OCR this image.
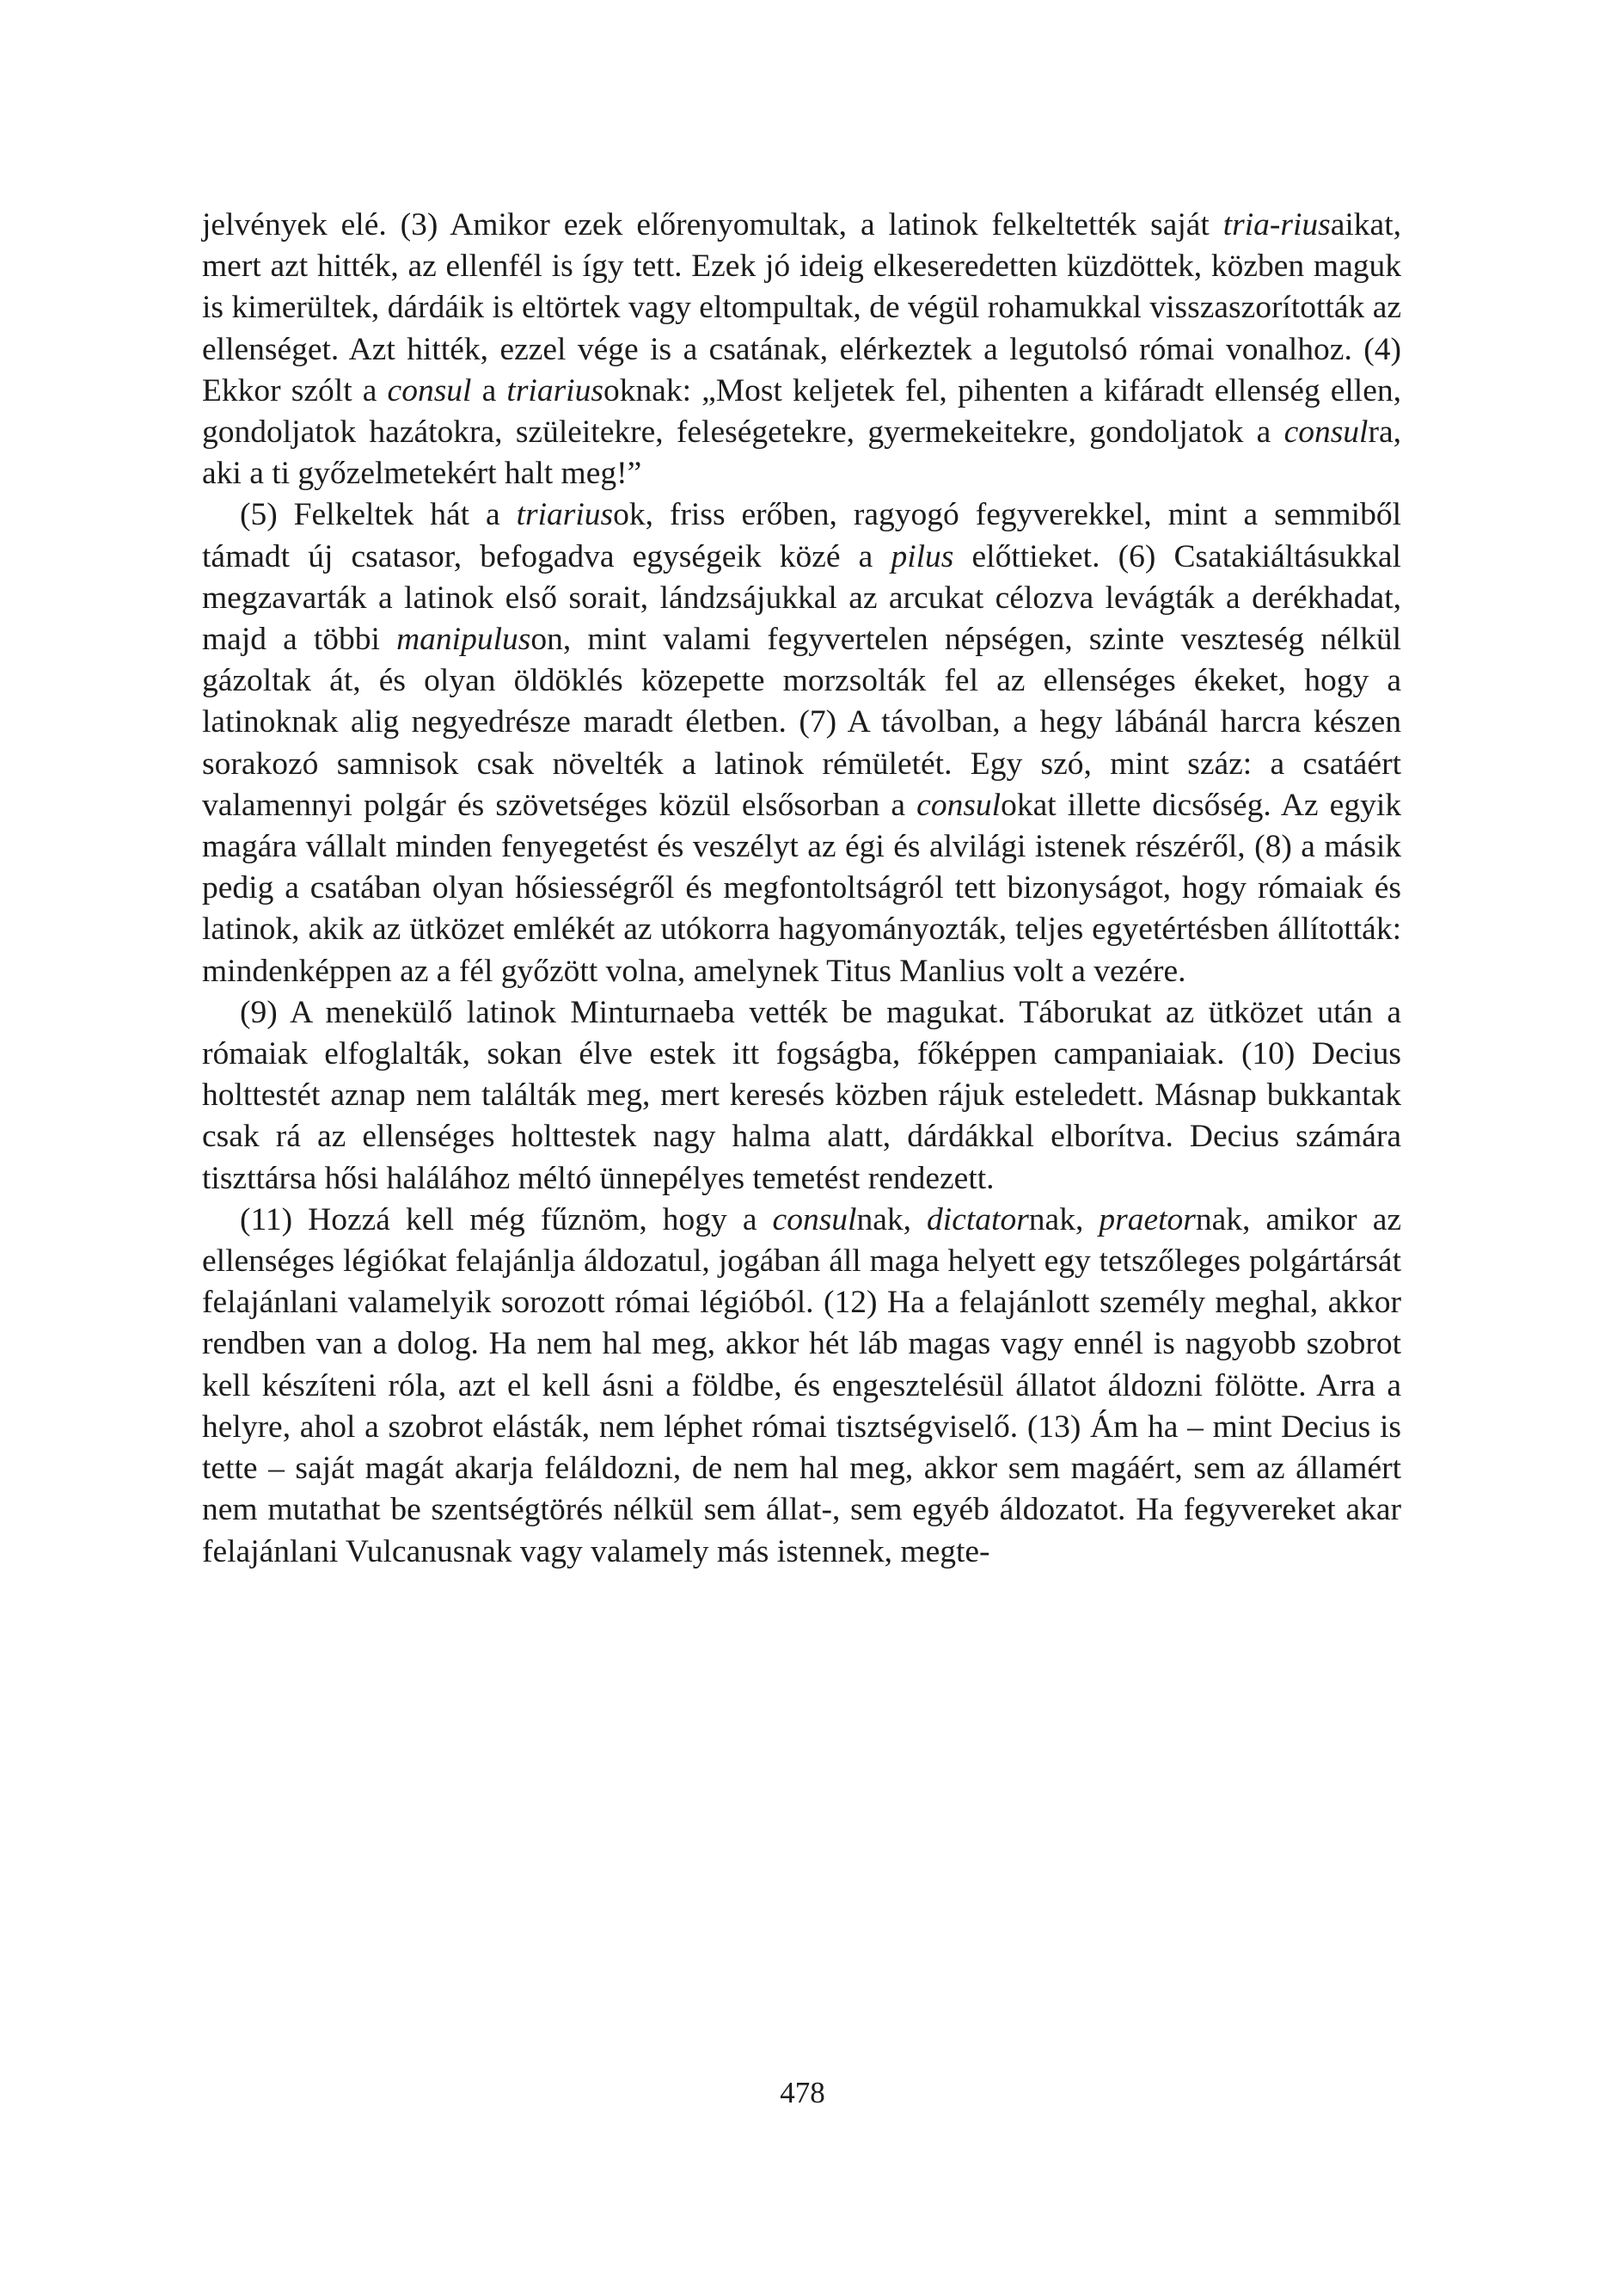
jelvények elé. (3) Amikor ezek előrenyomultak, a latinok felkeltették saját tria-riusaikat, mert azt hitték, az ellenfél is így tett. Ezek jó ideig elkeseredetten küzdöttek, közben maguk is kimerültek, dárdáik is eltörtek vagy eltompultak, de végül rohamukkal visszaszorították az ellenséget. Azt hitték, ezzel vége is a csatának, elérkeztek a legutolsó római vonalhoz. (4) Ekkor szólt a consul a triariusoknak: „Most keljetek fel, pihenten a kifáradt ellenség ellen, gondoljatok hazátokra, szüleitekre, feleségetekre, gyermekeitekre, gondoljatok a consulra, aki a ti győzelmetekért halt meg!”

(5) Felkeltek hát a triariusok, friss erőben, ragyogó fegyverekkel, mint a semmiből támadt új csatasor, befogadva egységeik közé a pilus előttieket. (6) Csatakiáltásukkal megzavarták a latinok első sorait, lándzsájukkal az arcukat célozva levágták a derékhadat, majd a többi manipuluson, mint valami fegyvertelen népségen, szinte veszteség nélkül gázoltak át, és olyan öldöklés közepette morzsolták fel az ellenséges ékeket, hogy a latinoknak alig negyedrésze maradt életben. (7) A távolban, a hegy lábánál harcra készen sorakozó samnisok csak növelték a latinok rémületét. Egy szó, mint száz: a csatáért valamennyi polgár és szövetséges közül elsősorban a consulokat illette dicsőség. Az egyik magára vállalt minden fenyegetést és veszélyt az égi és alvilági istenek részéről, (8) a másik pedig a csatában olyan hősiességről és megfontoltságról tett bizonyságot, hogy rómaiak és latinok, akik az ütközet emlékét az utókorra hagyományozták, teljes egyetértésben állították: mindenképpen az a fél győzött volna, amelynek Titus Manlius volt a vezére.

(9) A menekülő latinok Minturnaeba vették be magukat. Táborukat az ütközet után a rómaiak elfoglalták, sokan élve estek itt fogságba, főképpen campaniaiak. (10) Decius holttestét aznap nem találták meg, mert keresés közben rájuk esteledett. Másnap bukkantak csak rá az ellenséges holttestek nagy halma alatt, dárdákkal elborítva. Decius számára tiszttársa hősi halálához méltó ünnepélyes temetést rendezett.

(11) Hozzá kell még fűznöm, hogy a consulnak, dictatornak, praetornak, amikor az ellenséges légiókat felajánlja áldozatul, jogában áll maga helyett egy tetszőleges polgártársát felajánlani valamelyik sorozott római légióból. (12) Ha a felajánlott személy meghal, akkor rendben van a dolog. Ha nem hal meg, akkor hét láb magas vagy ennél is nagyobb szobrot kell készíteni róla, azt el kell ásni a földbe, és engesztelésül állatot áldozni fölötte. Arra a helyre, ahol a szobrot elásták, nem léphet római tisztségviselő. (13) Ám ha – mint Decius is tette – saját magát akarja feláldozni, de nem hal meg, akkor sem magáért, sem az államért nem mutathat be szentségtörés nélkül sem állat-, sem egyéb áldozatot. Ha fegyvereket akar felajánlani Vulcanusnak vagy valamely más istennek, megte-

478
